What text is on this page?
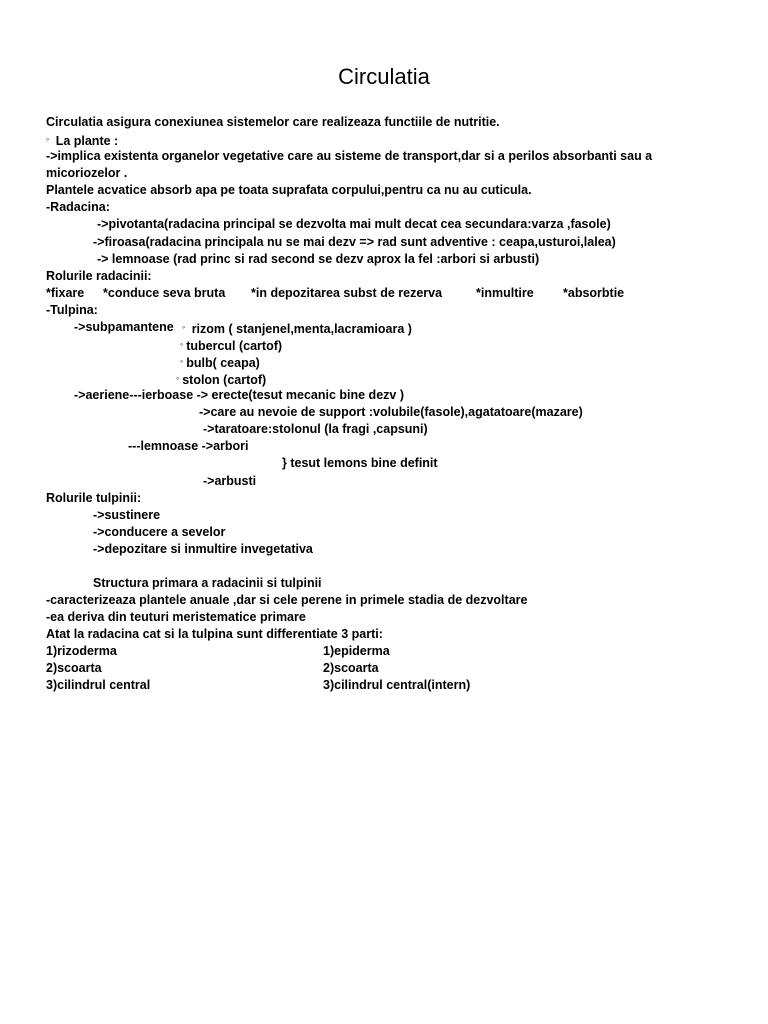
Circulatia
Circulatia asigura conexiunea sistemelor care realizeaza functiile de nutritie.
◦ La plante :
->implica existenta organelor vegetative care au sisteme de transport,dar si a perilos absorbanti sau a
micoriozelor .
Plantele acvatice absorb apa pe toata suprafata corpului,pentru ca nu au cuticula.
-Radacina:
->pivotanta(radacina principal se dezvolta mai mult decat cea secundara:varza ,fasole)
->firoasa(radacina principala nu se mai dezv => rad sunt adventive : ceapa,usturoi,lalea)
-> lemnoase (rad princ si rad second se dezv aprox la fel :arbori si arbusti)
Rolurile radacinii:
*fixare *conduce seva bruta *in depozitarea subst de rezerva	*inmultire *absorbtie
-Tulpina:
->subpamantene ◦ rizom ( stanjenel,menta,lacramioara )
◦ tubercul (cartof)
◦ bulb( ceapa)
◦ stolon (cartof)
->aeriene---ierboase -> erecte(tesut mecanic bine dezv )
->care au nevoie de support :volubile(fasole),agatatoare(mazare)
->taratoare:stolonul (la fragi ,capsuni)
---lemnoase ->arbori
} tesut lemons bine definit
->arbusti
Rolurile tulpinii:
->sustinere
->conducere a sevelor
->depozitare si inmultire invegetativa
Structura primara a radacinii si tulpinii
-caracterizeaza plantele anuale ,dar si cele perene in primele stadia de dezvoltare
-ea deriva din teuturi meristematice primare
Atat la radacina cat si la tulpina sunt differentiate 3 parti:
1)rizoderma
2)scoarta
3)cilindrul central
1)epiderma
2)scoarta
3)cilindrul central(intern)
